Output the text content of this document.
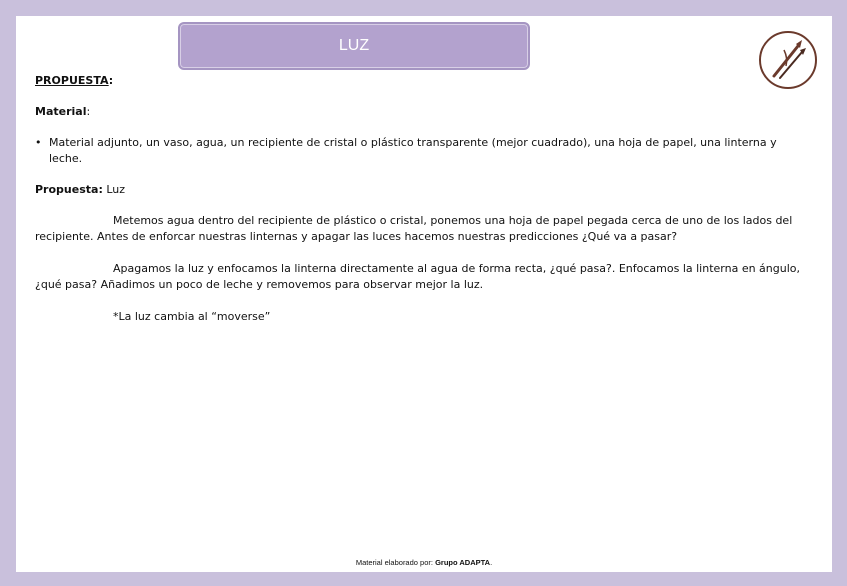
LUZ

PROPUESTA:

Material:

• Material adjunto, un vaso, agua, un recipiente de cristal o plástico transparente (mejor cuadrado), una hoja de papel, una linterna y leche.

Propuesta: Luz

Metemos agua dentro del recipiente de plástico o cristal, ponemos una hoja de papel pegada cerca de uno de los lados del recipiente. Antes de enforcar nuestras linternas y apagar las luces hacemos nuestras predicciones ¿Qué va a pasar?

Apagamos la luz y enfocamos la linterna directamente al agua de forma recta, ¿qué pasa?. Enfocamos la linterna en ángulo, ¿qué pasa? Añadimos un poco de leche y removemos para observar mejor la luz.

*La luz cambia al “moverse”

Material elaborado por: Grupo ADAPTA.
